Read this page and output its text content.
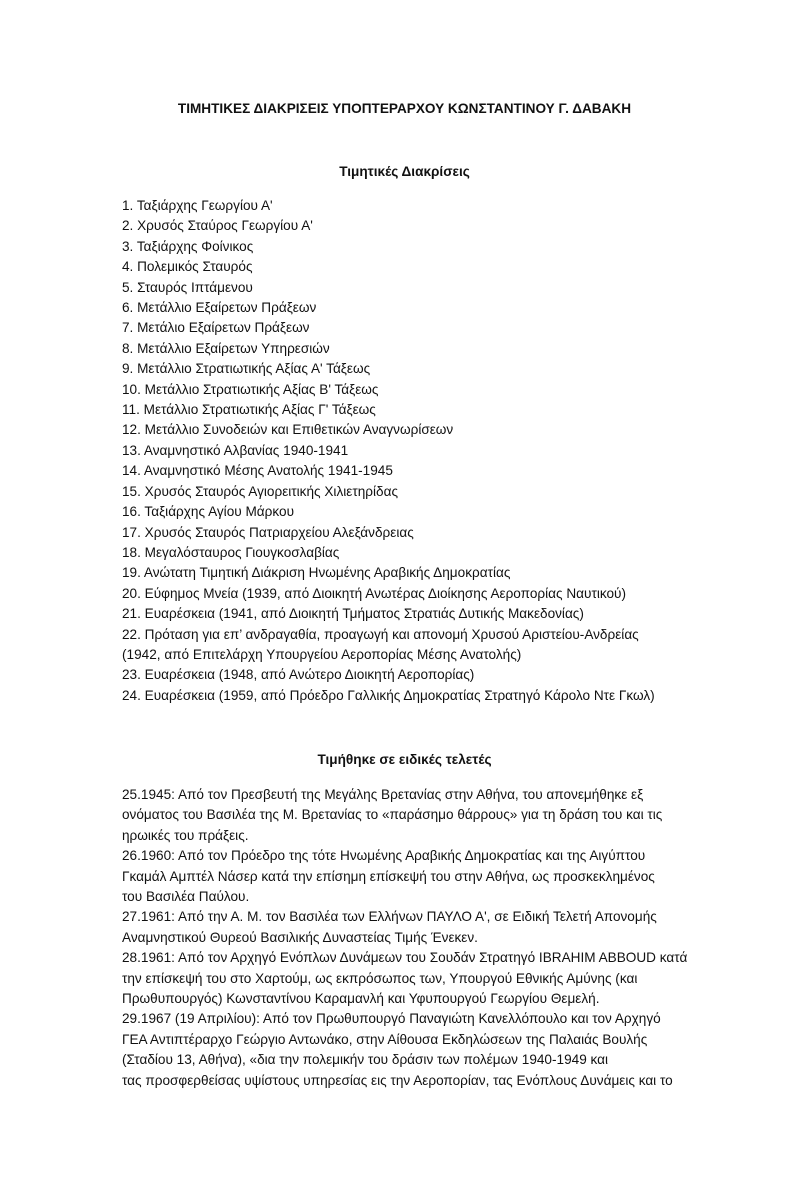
ΤΙΜΗΤΙΚΕΣ ΔΙΑΚΡΙΣΕΙΣ ΥΠΟΠΤΕΡΑΡΧΟΥ ΚΩΝΣΤΑΝΤΙΝΟΥ Γ. ΔΑΒΑΚΗ
Τιμητικές Διακρίσεις
1. Ταξιάρχης Γεωργίου Α'
2. Χρυσός Σταύρος Γεωργίου Α'
3. Ταξιάρχης Φοίνικος
4. Πολεμικός Σταυρός
5. Σταυρός Ιπτάμενου
6. Μετάλλιο Εξαίρετων Πράξεων
7. Μετάλιο Εξαίρετων Πράξεων
8. Μετάλλιο Εξαίρετων Υπηρεσιών
9. Μετάλλιο Στρατιωτικής Αξίας Α' Τάξεως
10. Μετάλλιο Στρατιωτικής Αξίας Β' Τάξεως
11. Μετάλλιο Στρατιωτικής Αξίας Γ' Τάξεως
12. Μετάλλιο Συνοδειών και Επιθετικών Αναγνωρίσεων
13. Αναμνηστικό Αλβανίας 1940-1941
14. Αναμνηστικό Μέσης Ανατολής 1941-1945
15. Χρυσός Σταυρός Αγιορειτικής Χιλιετηρίδας
16. Ταξιάρχης Αγίου Μάρκου
17. Χρυσός Σταυρός Πατριαρχείου Αλεξάνδρειας
18. Μεγαλόσταυρος Γιουγκοσλαβίας
19. Ανώτατη Τιμητική Διάκριση Ηνωμένης Αραβικής Δημοκρατίας
20. Εύφημος Μνεία (1939, από Διοικητή Ανωτέρας Διοίκησης Αεροπορίας Ναυτικού)
21. Ευαρέσκεια (1941, από Διοικητή Τμήματος Στρατιάς Δυτικής Μακεδονίας)
22. Πρόταση για επ’ ανδραγαθία, προαγωγή και απονομή Χρυσού Αριστείου-Ανδρείας
(1942, από Επιτελάρχη Υπουργείου Αεροπορίας Μέσης Ανατολής)
23. Ευαρέσκεια (1948, από Ανώτερο Διοικητή Αεροπορίας)
24. Ευαρέσκεια (1959, από Πρόεδρο Γαλλικής Δημοκρατίας Στρατηγό Κάρολο Ντε Γκωλ)
Τιμήθηκε σε ειδικές τελετές
25.1945: Από τον Πρεσβευτή της Μεγάλης Βρετανίας στην Αθήνα, του απονεμήθηκε εξ
ονόματος του Βασιλέα της Μ. Βρετανίας το «παράσημο θάρρους» για τη δράση του και τις
ηρωικές του πράξεις.
26.1960: Από τον Πρόεδρο της τότε Ηνωμένης Αραβικής Δημοκρατίας και της Αιγύπτου
Γκαμάλ Αμπτέλ Νάσερ κατά την επίσημη επίσκεψή του στην Αθήνα, ως προσκεκλημένος
του Βασιλέα Παύλου.
27.1961: Από την Α. Μ. τον Βασιλέα των Ελλήνων ΠΑΥΛΟ Α', σε Ειδική Τελετή Απονομής
Αναμνηστικού Θυρεού Βασιλικής Δυναστείας Τιμής Ένεκεν.
28.1961: Από τον Αρχηγό Ενόπλων Δυνάμεων του Σουδάν Στρατηγό IBRAHIM ABBOUD κατά
την επίσκεψή του στο Χαρτούμ, ως εκπρόσωπος των, Υπουργού Εθνικής Αμύνης (και
Πρωθυπουργός) Κωνσταντίνου Καραμανλή και Υφυπουργού Γεωργίου Θεμελή.
29.1967 (19 Απριλίου): Από τον Πρωθυπουργό Παναγιώτη Κανελλόπουλο και τον Αρχηγό
ΓΕΑ Αντιπτέραρχο Γεώργιο Αντωνάκο, στην Αίθουσα Εκδηλώσεων της Παλαιάς Βουλής
(Σταδίου 13, Αθήνα), «δια την πολεμικήν του δράσιν των πολέμων 1940-1949 και
τας προσφερθείσας υψίστους υπηρεσίας εις την Αεροπορίαν, τας Ενόπλους Δυνάμεις και το
